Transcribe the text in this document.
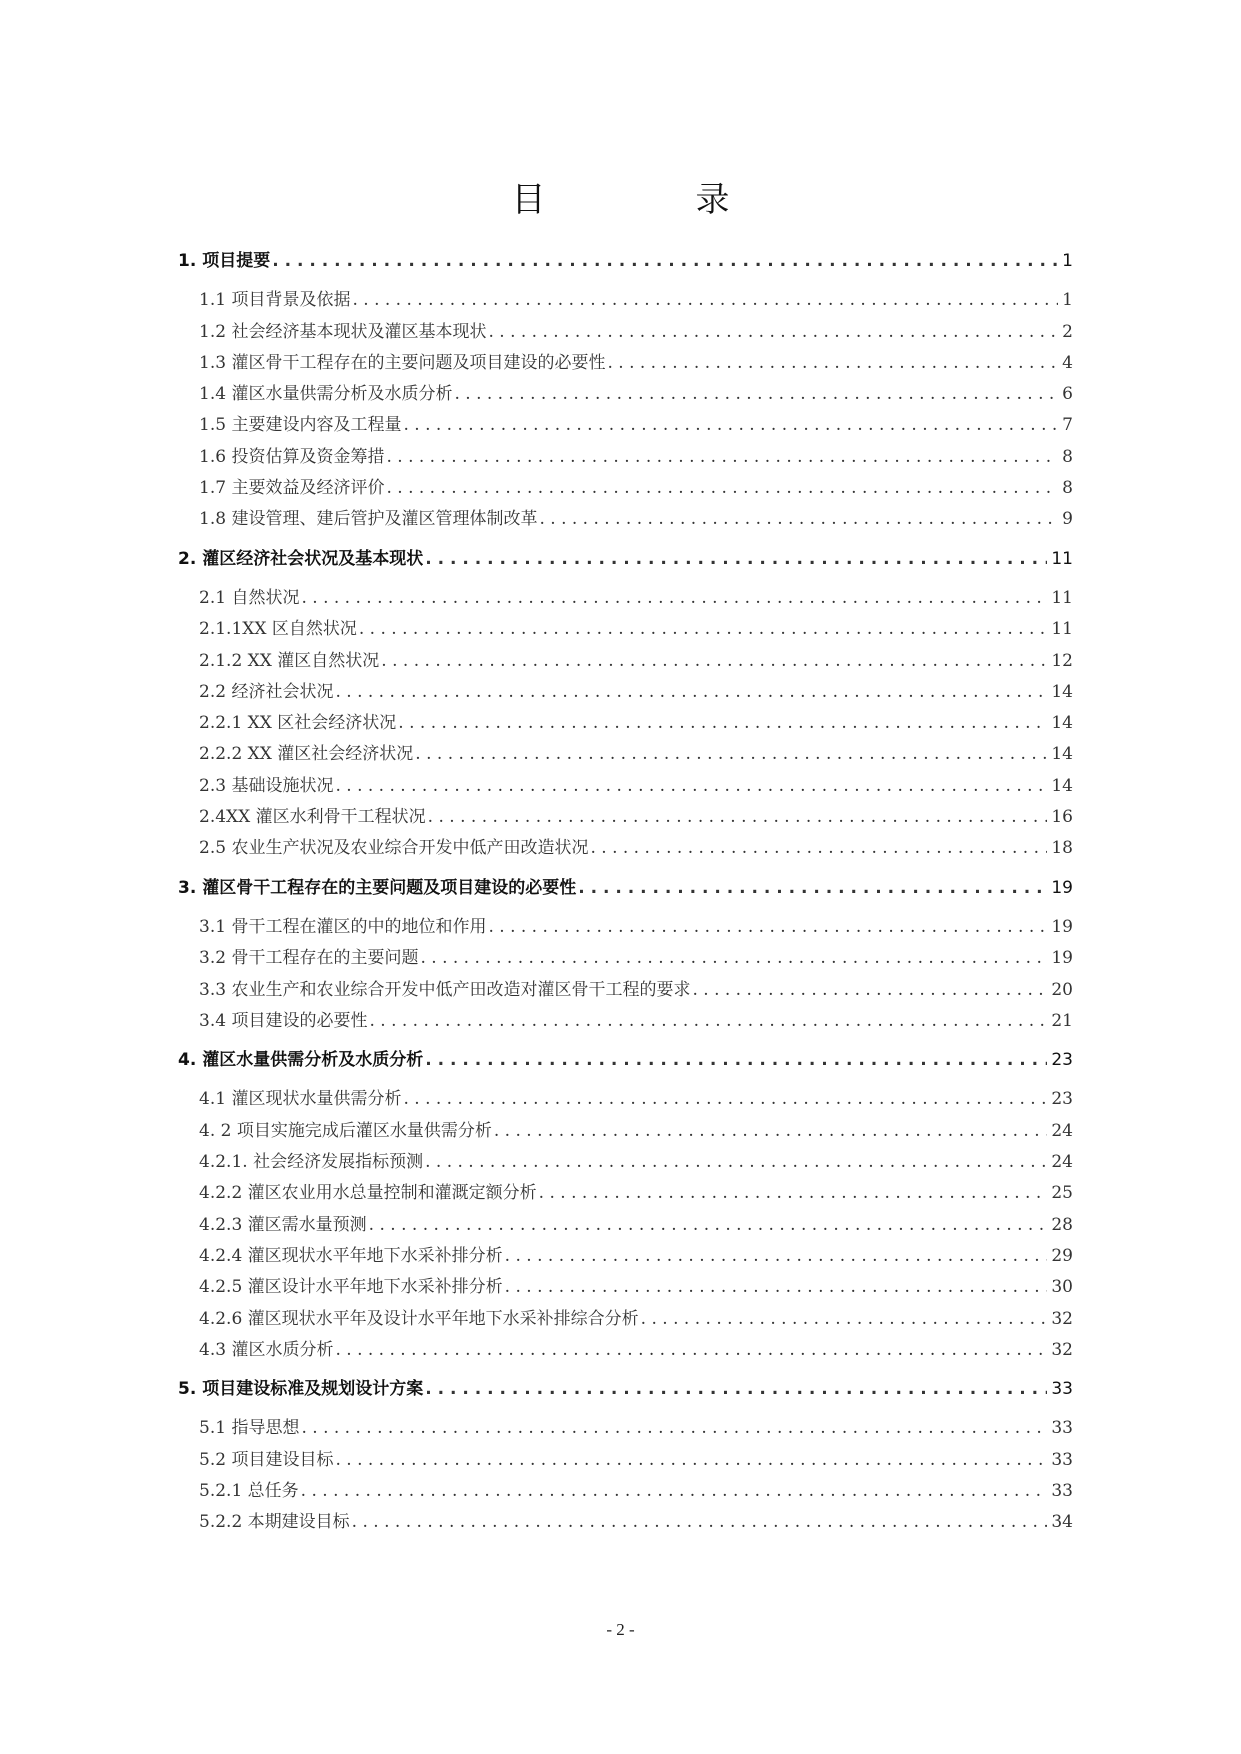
目　录
1. 项目提要 . . .	1
1.1 项目背景及依据 . . .	1
1.2 社会经济基本现状及灌区基本现状 . . .	2
1.3 灌区骨干工程存在的主要问题及项目建设的必要性 . . .	4
1.4 灌区水量供需分析及水质分析 . . .	6
1.5 主要建设内容及工程量 . . .	7
1.6 投资估算及资金筹措 . . .	8
1.7 主要效益及经济评价 . . .	8
1.8 建设管理、建后管护及灌区管理体制改革 . . .	9
2. 灌区经济社会状况及基本现状 . . .	11
2.1 自然状况 . . .	11
2.1.1XX 区自然状况 . . .	11
2.1.2 XX 灌区自然状况 . . .	12
2.2 经济社会状况 . . .	14
2.2.1 XX 区社会经济状况 . . .	14
2.2.2 XX 灌区社会经济状况 . . .	14
2.3 基础设施状况 . . .	14
2.4XX 灌区水利骨干工程状况 . . .	16
2.5 农业生产状况及农业综合开发中低产田改造状况 . . .	18
3. 灌区骨干工程存在的主要问题及项目建设的必要性 . . .	19
3.1 骨干工程在灌区的中的地位和作用 . . .	19
3.2 骨干工程存在的主要问题 . . .	19
3.3 农业生产和农业综合开发中低产田改造对灌区骨干工程的要求 . . .	20
3.4 项目建设的必要性 . . .	21
4. 灌区水量供需分析及水质分析 . . .	23
4.1 灌区现状水量供需分析 . . .	23
4. 2 项目实施完成后灌区水量供需分析 . . .	24
4.2.1. 社会经济发展指标预测 . . .	24
4.2.2 灌区农业用水总量控制和灌溉定额分析 . . .	25
4.2.3 灌区需水量预测 . . .	28
4.2.4 灌区现状水平年地下水采补排分析 . . .	29
4.2.5 灌区设计水平年地下水采补排分析 . . .	30
4.2.6 灌区现状水平年及设计水平年地下水采补排综合分析 . . .	32
4.3 灌区水质分析 . . .	32
5. 项目建设标准及规划设计方案 . . .	33
5.1 指导思想 . . .	33
5.2 项目建设目标 . . .	33
5.2.1 总任务 . . .	33
5.2.2 本期建设目标 . . .	34
- 2 -
